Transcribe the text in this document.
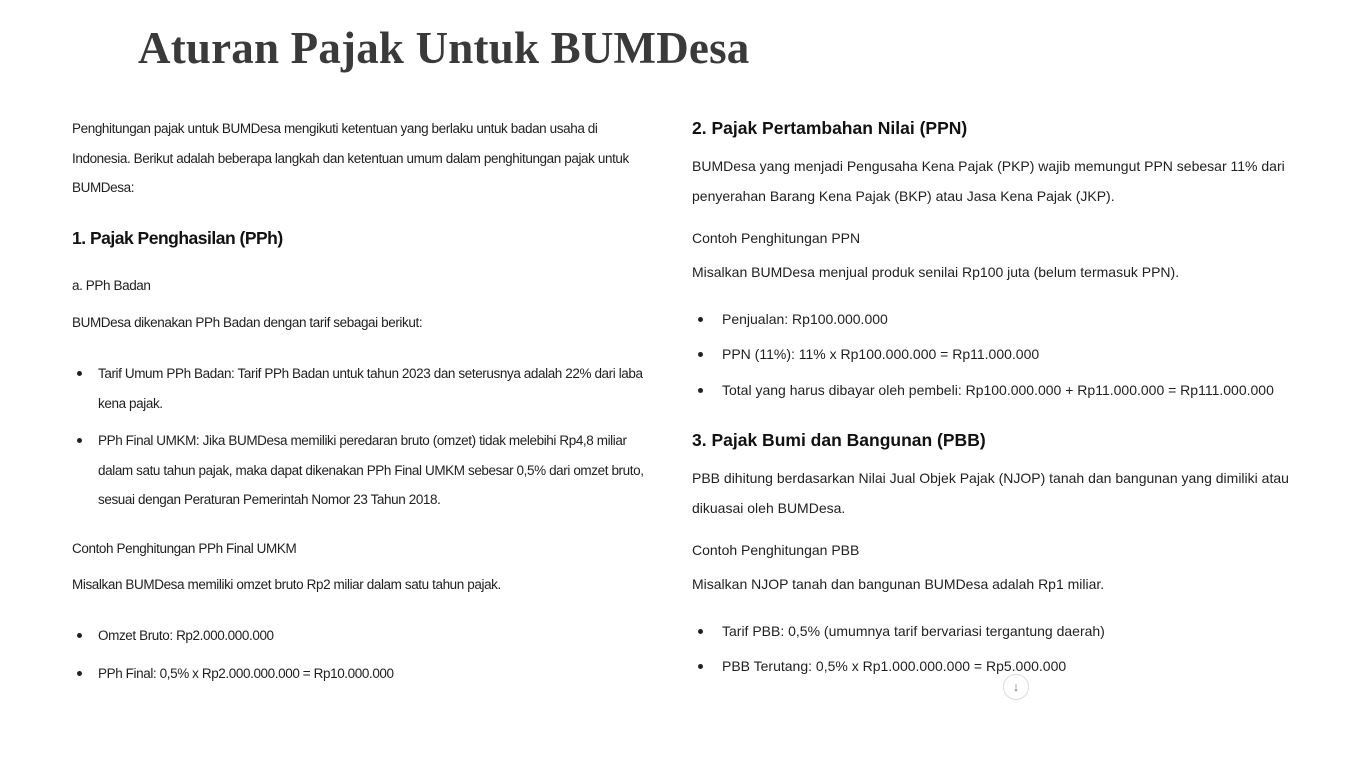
Aturan Pajak Untuk BUMDesa

Penghitungan pajak untuk BUMDesa mengikuti ketentuan yang berlaku untuk badan usaha di Indonesia. Berikut adalah beberapa langkah dan ketentuan umum dalam penghitungan pajak untuk BUMDesa:

1. Pajak Penghasilan (PPh)

a. PPh Badan

BUMDesa dikenakan PPh Badan dengan tarif sebagai berikut:

Tarif Umum PPh Badan: Tarif PPh Badan untuk tahun 2023 dan seterusnya adalah 22% dari laba kena pajak.
PPh Final UMKM: Jika BUMDesa memiliki peredaran bruto (omzet) tidak melebihi Rp4,8 miliar dalam satu tahun pajak, maka dapat dikenakan PPh Final UMKM sebesar 0,5% dari omzet bruto, sesuai dengan Peraturan Pemerintah Nomor 23 Tahun 2018.

Contoh Penghitungan PPh Final UMKM

Misalkan BUMDesa memiliki omzet bruto Rp2 miliar dalam satu tahun pajak.

Omzet Bruto: Rp2.000.000.000
PPh Final: 0,5% x Rp2.000.000.000 = Rp10.000.000
2. Pajak Pertambahan Nilai (PPN)

BUMDesa yang menjadi Pengusaha Kena Pajak (PKP) wajib memungut PPN sebesar 11% dari penyerahan Barang Kena Pajak (BKP) atau Jasa Kena Pajak (JKP).

Contoh Penghitungan PPN

Misalkan BUMDesa menjual produk senilai Rp100 juta (belum termasuk PPN).

Penjualan: Rp100.000.000
PPN (11%): 11% x Rp100.000.000 = Rp11.000.000
Total yang harus dibayar oleh pembeli: Rp100.000.000 + Rp11.000.000 = Rp111.000.000
3. Pajak Bumi dan Bangunan (PBB)

PBB dihitung berdasarkan Nilai Jual Objek Pajak (NJOP) tanah dan bangunan yang dimiliki atau dikuasai oleh BUMDesa.

Contoh Penghitungan PBB

Misalkan NJOP tanah dan bangunan BUMDesa adalah Rp1 miliar.

Tarif PBB: 0,5% (umumnya tarif bervariasi tergantung daerah)
PBB Terutang: 0,5% x Rp1.000.000.000 = Rp5.000.000
↓
